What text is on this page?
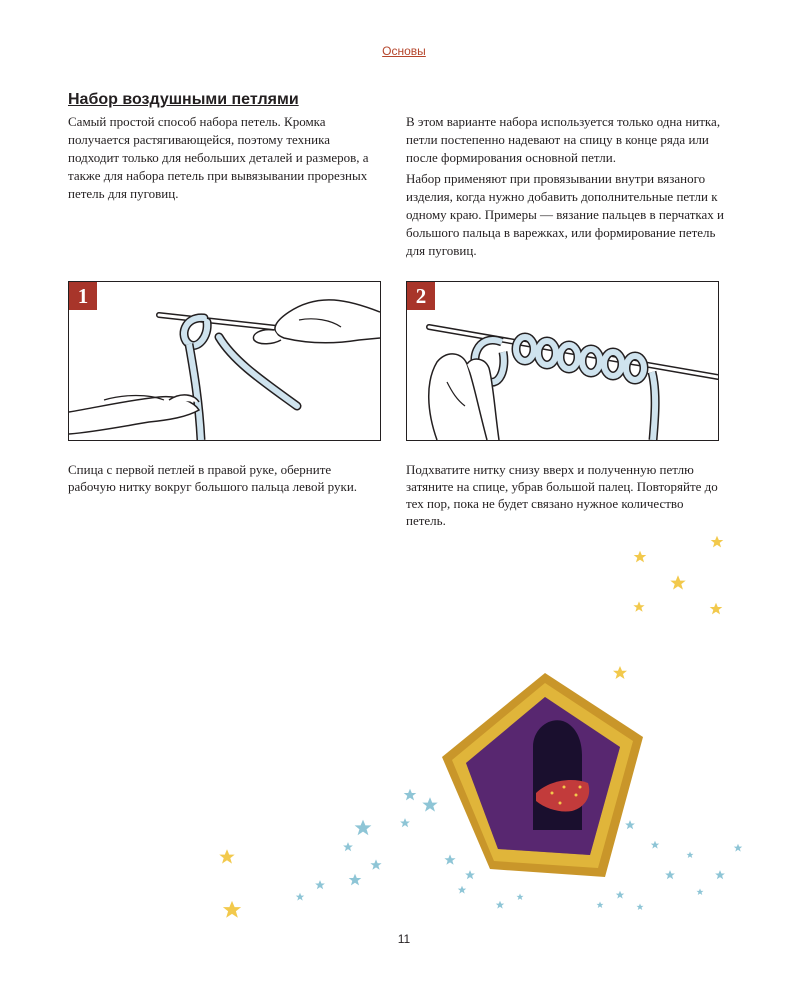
Основы
Набор воздушными петлями

Самый простой способ набора петель. Кромка получается растягивающейся, поэтому техника подходит только для небольших деталей и размеров, а также для набора петель при вывязывании прорезных петель для пуговиц.

В этом варианте набора используется только одна нитка, петли постепенно надевают на спицу в конце ряда или после формирования основной петли.

Набор применяют при провязывании внутри вязаного изделия, когда нужно добавить дополнительные петли к одному краю. Примеры — вязание пальцев в перчатках и большого пальца в варежках, или формирование петель для пуговиц.

1	2

Спица с первой петлей в правой руке, оберните рабочую нитку вокруг большого пальца левой руки.

Подхватите нитку снизу вверх и полученную петлю затяните на спице, убрав большой палец. Повторяйте до тех пор, пока не будет связано нужное количество петель.

11
